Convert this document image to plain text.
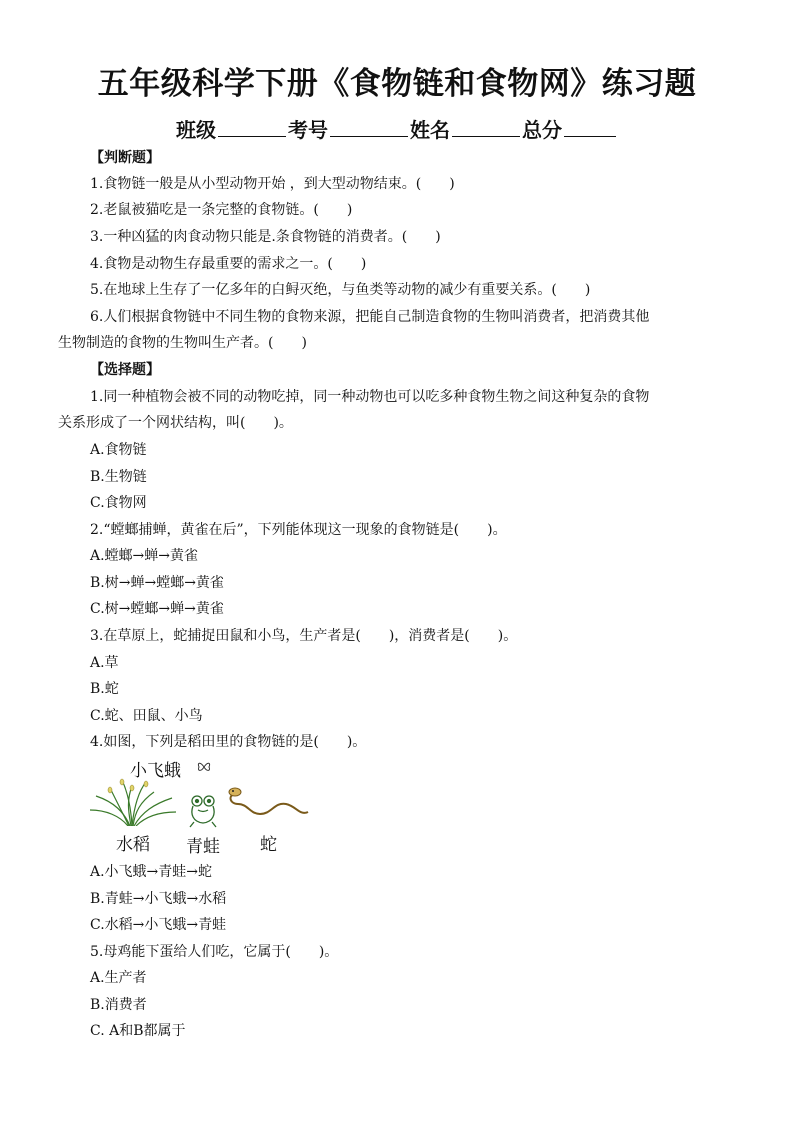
五年级科学下册《食物链和食物网》练习题
班级	考号	姓名	总分
【判断题】
1.食物链一般是从小型动物开始 ，到大型动物结束。(　　)
2.老鼠被猫吃是一条完整的食物链。(　　)
3.一种凶猛的肉食动物只能是.条食物链的消费者。(　　)
4.食物是动物生存最重要的需求之一。(　　)
5.在地球上生存了一亿多年的白鲟灭绝，与鱼类等动物的减少有重要关系。(　　)
6.人们根据食物链中不同生物的食物来源，把能自己制造食物的生物叫消费者，把消费其他
生物制造的食物的生物叫生产者。(　　)
【选择题】
1.同一种植物会被不同的动物吃掉，同一种动物也可以吃多种食物生物之间这种复杂的食物
关系形成了一个网状结构，叫(　　)。
A.食物链
B.生物链
C.食物网
2.“螳螂捕蝉，黄雀在后”，下列能体现这一现象的食物链是(　　)。
A.螳螂→蝉→黄雀
B.树→蝉→螳螂→黄雀
C.树→螳螂→蝉→黄雀
3.在草原上，蛇捕捉田鼠和小鸟，生产者是(　　)，消费者是(　　)。
A.草
B.蛇
C.蛇、田鼠、小鸟
4.如图，下列是稻田里的食物链的是(　　)。
小飞蛾
水稻 青蛙 蛇
A.小飞蛾→青蛙→蛇
B.青蛙→小飞蛾→水稻
C.水稻→小飞蛾→青蛙
5.母鸡能下蛋给人们吃，它属于(　　)。
A.生产者
B.消费者
C. A和B都属于
